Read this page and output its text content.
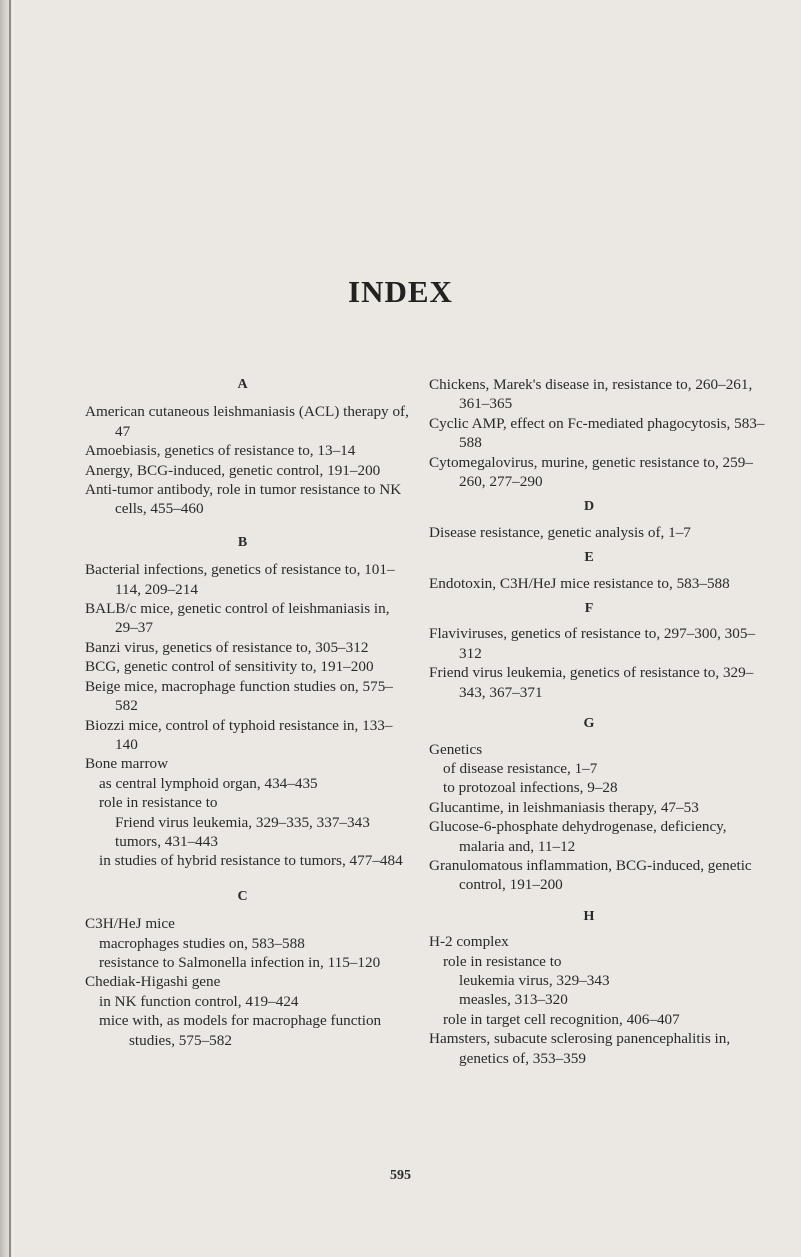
INDEX
A
American cutaneous leishmaniasis (ACL) therapy of, 47
Amoebiasis, genetics of resistance to, 13–14
Anergy, BCG-induced, genetic control, 191–200
Anti-tumor antibody, role in tumor resistance to NK cells, 455–460
B
Bacterial infections, genetics of resistance to, 101–114, 209–214
BALB/c mice, genetic control of leishmaniasis in, 29–37
Banzi virus, genetics of resistance to, 305–312
BCG, genetic control of sensitivity to, 191–200
Beige mice, macrophage function studies on, 575–582
Biozzi mice, control of typhoid resistance in, 133–140
Bone marrow
as central lymphoid organ, 434–435
role in resistance to
Friend virus leukemia, 329–335, 337–343
tumors, 431–443
in studies of hybrid resistance to tumors, 477–484
C
C3H/HeJ mice
macrophages studies on, 583–588
resistance to Salmonella infection in, 115–120
Chediak-Higashi gene
in NK function control, 419–424
mice with, as models for macrophage function studies, 575–582
Chickens, Marek's disease in, resistance to, 260–261, 361–365
Cyclic AMP, effect on Fc-mediated phagocytosis, 583–588
Cytomegalovirus, murine, genetic resistance to, 259–260, 277–290
D
Disease resistance, genetic analysis of, 1–7
E
Endotoxin, C3H/HeJ mice resistance to, 583–588
F
Flaviviruses, genetics of resistance to, 297–300, 305–312
Friend virus leukemia, genetics of resistance to, 329–343, 367–371
G
Genetics
of disease resistance, 1–7
to protozoal infections, 9–28
Glucantime, in leishmaniasis therapy, 47–53
Glucose-6-phosphate dehydrogenase, deficiency, malaria and, 11–12
Granulomatous inflammation, BCG-induced, genetic control, 191–200
H
H-2 complex
role in resistance to
leukemia virus, 329–343
measles, 313–320
role in target cell recognition, 406–407
Hamsters, subacute sclerosing panencephalitis in, genetics of, 353–359
595
